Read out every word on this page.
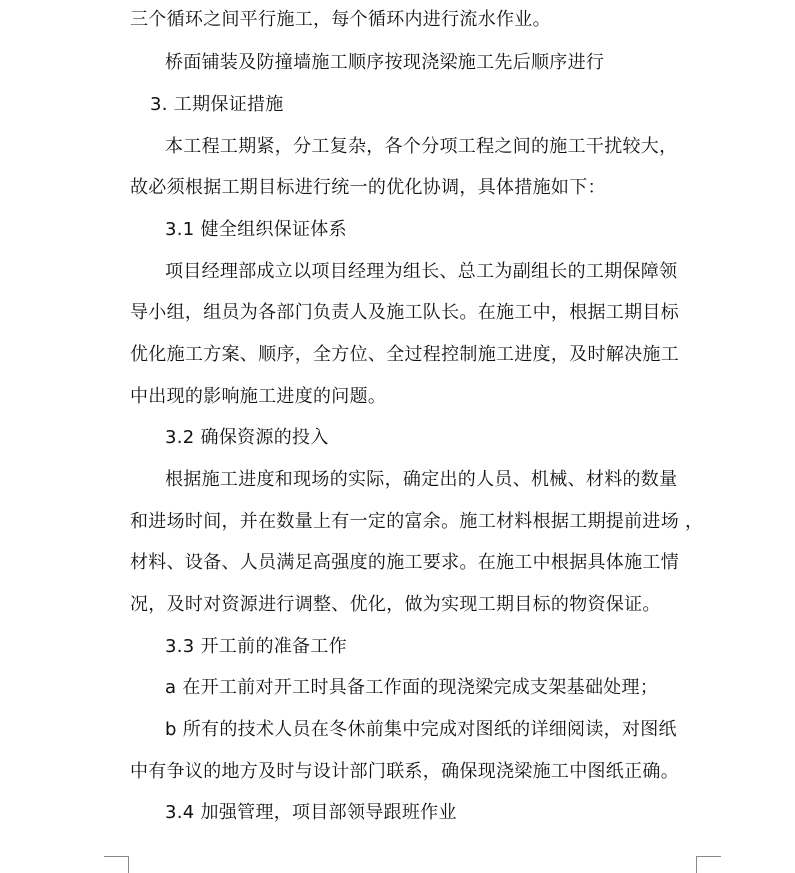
三个循环之间平行施工，每个循环内进行流水作业。

桥面铺装及防撞墙施工顺序按现浇梁施工先后顺序进行

3. 工期保证措施

本工程工期紧，分工复杂，各个分项工程之间的施工干扰较大，

故必须根据工期目标进行统一的优化协调，具体措施如下：

3.1 健全组织保证体系

项目经理部成立以项目经理为组长、总工为副组长的工期保障领

导小组，组员为各部门负责人及施工队长。在施工中，根据工期目标

优化施工方案、顺序，全方位、全过程控制施工进度，及时解决施工

中出现的影响施工进度的问题。

3.2 确保资源的投入

根据施工进度和现场的实际，确定出的人员、机械、材料的数量

和进场时间，并在数量上有一定的富余。施工材料根据工期提前进场 ，

材料、设备、人员满足高强度的施工要求。在施工中根据具体施工情

况，及时对资源进行调整、优化，做为实现工期目标的物资保证。

3.3 开工前的准备工作

a 在开工前对开工时具备工作面的现浇梁完成支架基础处理；

b 所有的技术人员在冬休前集中完成对图纸的详细阅读，对图纸

中有争议的地方及时与设计部门联系，确保现浇梁施工中图纸正确。

3.4 加强管理，项目部领导跟班作业
